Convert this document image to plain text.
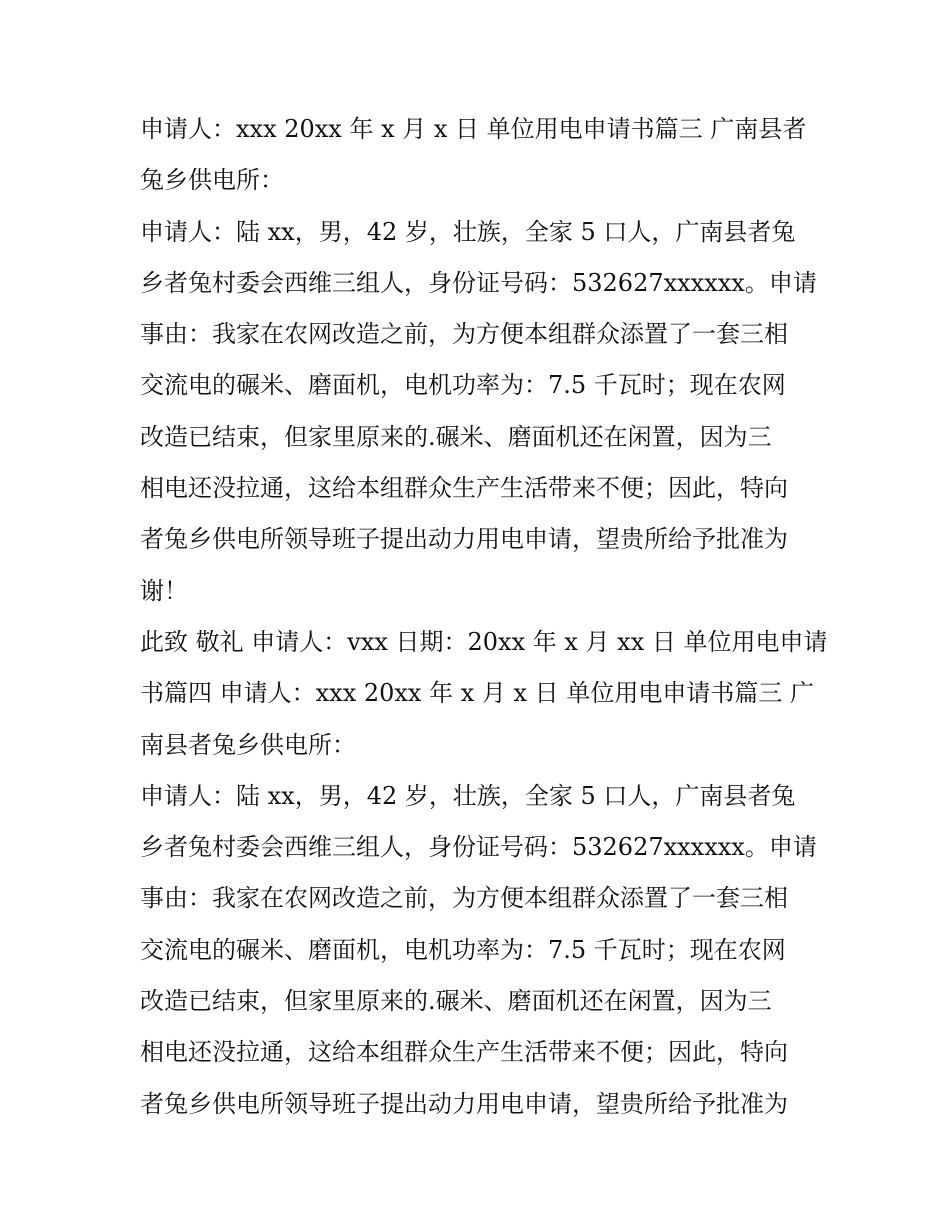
申请人：xxx 20xx 年 x 月 x 日 单位用电申请书篇三 广南县者
兔乡供电所：
申请人：陆 xx，男，42 岁，壮族，全家 5 口人，广南县者兔
乡者兔村委会西维三组人，身份证号码：532627xxxxxx。申请
事由：我家在农网改造之前，为方便本组群众添置了一套三相
交流电的碾米、磨面机，电机功率为：7.5 千瓦时；现在农网
改造已结束，但家里原来的.碾米、磨面机还在闲置，因为三
相电还没拉通，这给本组群众生产生活带来不便；因此，特向
者兔乡供电所领导班子提出动力用电申请，望贵所给予批准为
谢！
此致 敬礼 申请人：vxx 日期：20xx 年 x 月 xx 日 单位用电申请
书篇四 申请人：xxx 20xx 年 x 月 x 日 单位用电申请书篇三 广
南县者兔乡供电所：
申请人：陆 xx，男，42 岁，壮族，全家 5 口人，广南县者兔
乡者兔村委会西维三组人，身份证号码：532627xxxxxx。申请
事由：我家在农网改造之前，为方便本组群众添置了一套三相
交流电的碾米、磨面机，电机功率为：7.5 千瓦时；现在农网
改造已结束，但家里原来的.碾米、磨面机还在闲置，因为三
相电还没拉通，这给本组群众生产生活带来不便；因此，特向
者兔乡供电所领导班子提出动力用电申请，望贵所给予批准为
